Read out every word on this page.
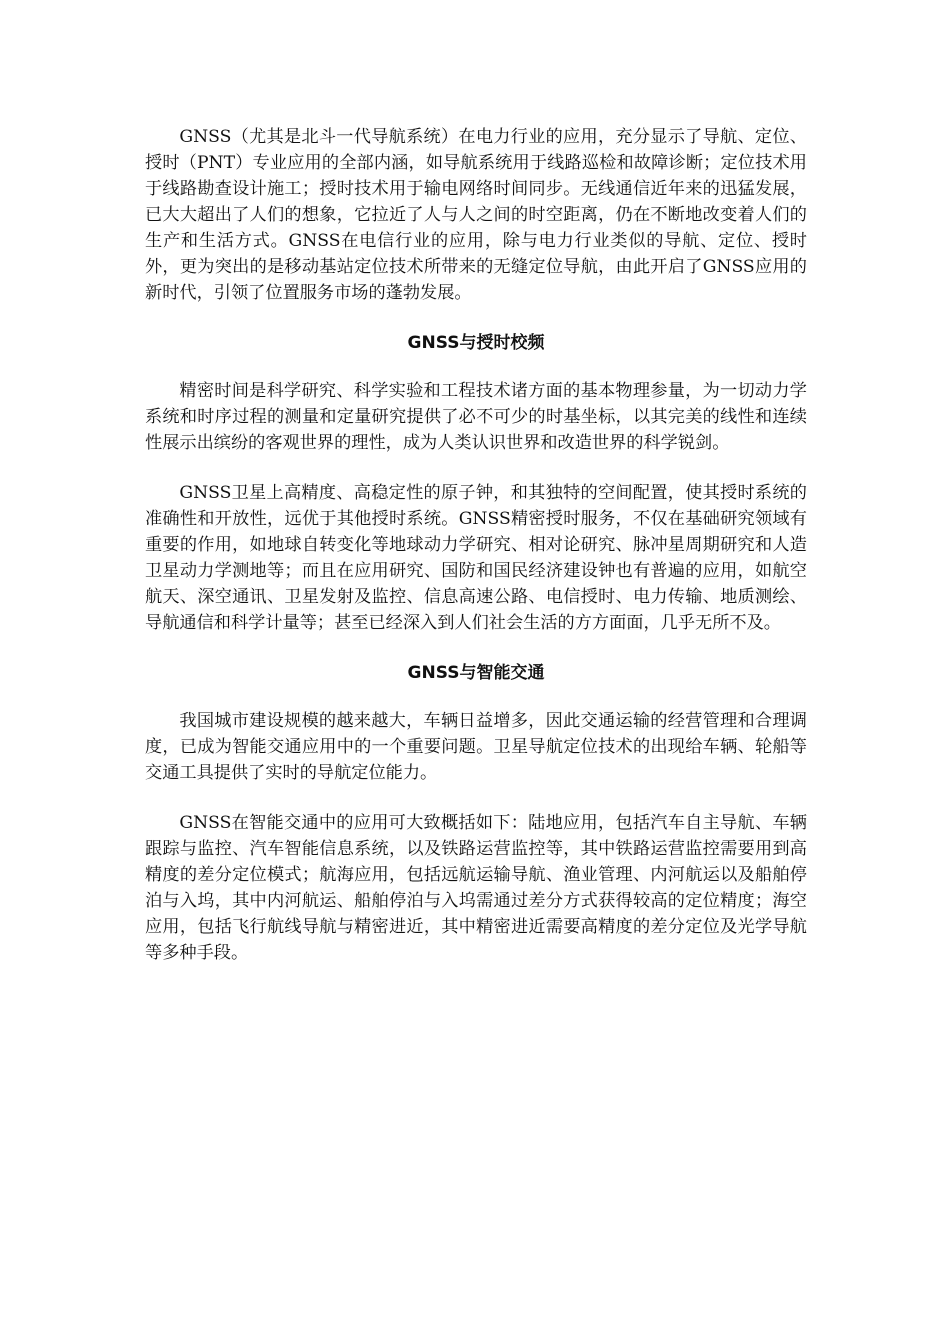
GNSS（尤其是北斗一代导航系统）在电力行业的应用，充分显示了导航、定位、授时（PNT）专业应用的全部内涵，如导航系统用于线路巡检和故障诊断；定位技术用于线路勘查设计施工；授时技术用于输电网络时间同步。无线通信近年来的迅猛发展，已大大超出了人们的想象，它拉近了人与人之间的时空距离，仍在不断地改变着人们的生产和生活方式。GNSS在电信行业的应用，除与电力行业类似的导航、定位、授时外，更为突出的是移动基站定位技术所带来的无缝定位导航，由此开启了GNSS应用的新时代，引领了位置服务市场的蓬勃发展。

GNSS与授时校频

精密时间是科学研究、科学实验和工程技术诸方面的基本物理参量，为一切动力学系统和时序过程的测量和定量研究提供了必不可少的时基坐标，以其完美的线性和连续性展示出缤纷的客观世界的理性，成为人类认识世界和改造世界的科学锐剑。

GNSS卫星上高精度、高稳定性的原子钟，和其独特的空间配置，使其授时系统的准确性和开放性，远优于其他授时系统。GNSS精密授时服务，不仅在基础研究领域有重要的作用，如地球自转变化等地球动力学研究、相对论研究、脉冲星周期研究和人造卫星动力学测地等；而且在应用研究、国防和国民经济建设钟也有普遍的应用，如航空航天、深空通讯、卫星发射及监控、信息高速公路、电信授时、电力传输、地质测绘、导航通信和科学计量等；甚至已经深入到人们社会生活的方方面面，几乎无所不及。

GNSS与智能交通

我国城市建设规模的越来越大，车辆日益增多，因此交通运输的经营管理和合理调度，已成为智能交通应用中的一个重要问题。卫星导航定位技术的出现给车辆、轮船等交通工具提供了实时的导航定位能力。

GNSS在智能交通中的应用可大致概括如下：陆地应用，包括汽车自主导航、车辆跟踪与监控、汽车智能信息系统，以及铁路运营监控等，其中铁路运营监控需要用到高精度的差分定位模式；航海应用，包括远航运输导航、渔业管理、内河航运以及船舶停泊与入坞，其中内河航运、船舶停泊与入坞需通过差分方式获得较高的定位精度；海空应用，包括飞行航线导航与精密进近，其中精密进近需要高精度的差分定位及光学导航等多种手段。
